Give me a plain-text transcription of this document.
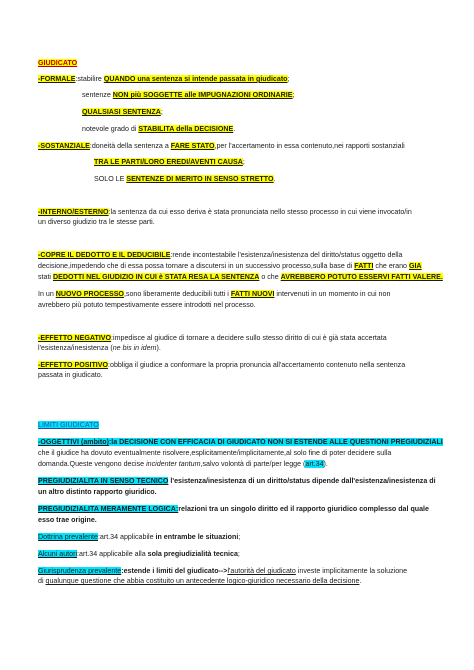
GIUDICATO
-FORMALE:stabilire QUANDO una sentenza si intende passata in giudicato;
sentenze NON più SOGGETTE alle IMPUGNAZIONI ORDINARIE;
QUALSIASI SENTENZA;
notevole grado di STABILITA della DECISIONE.
-SOSTANZIALE:doneità della sentenza a FARE STATO,per l'accertamento in essa contenuto,nei rapporti sostanziali
TRA LE PARTI/LORO EREDI/AVENTI CAUSA;
SOLO LE SENTENZE DI MERITO IN SENSO STRETTO.
-INTERNO/ESTERNO:la sentenza da cui esso deriva è stata pronunciata nello stesso processo in cui viene invocato/in
un diverso giudizio tra le stesse parti.
-COPRE IL DEDOTTO E IL DEDUCIBILE:rende incontestabile l'esistenza/inesistenza del diritto/status oggetto della
decisione,impedendo che di essa possa tornare a discutersi in un successivo processo,sulla base di FATTI che erano GIA
stati DEDOTTI NEL GIUDIZIO IN CUI è STATA RESA LA SENTENZA o che AVREBBERO POTUTO ESSERVI FATTI VALERE.
In un NUOVO PROCESSO,sono liberamente deducibili tutti i FATTI NUOVI intervenuti in un momento in cui non
avrebbero più potuto tempestivamente essere introdotti nel processo.
-EFFETTO NEGATIVO:impedisce al giudice di tornare a decidere sullo stesso diritto di cui è già stata accertata
l'esistenza/inesistenza (ne bis in idem).
-EFFETTO POSITIVO:obbliga il giudice a conformare la propria pronuncia all'accertamento contenuto nella sentenza
passata in giudicato.
LIMITI GIUDICATO
-OGGETTIVI (ambito):la DECISIONE CON EFFICACIA DI GIUDICATO NON SI ESTENDE ALLE QUESTIONI PREGIUDIZIALI
che il giudice ha dovuto eventualmente risolvere,esplicitamente/implicitamente,al solo fine di poter decidere sulla
domanda.Queste vengono decise incidenter tantum,salvo volontà di parte/per legge (art.34).
PREGIUDIZIALITA IN SENSO TECNICO l'esistenza/inesistenza di un diritto/status dipende dall'esistenza/inesistenza di
un altro distinto rapporto giuridico.
PREGIUDIZIALITA MERAMENTE LOGICA:relazioni tra un singolo diritto ed il rapporto giuridico complesso dal quale
esso trae origine.
Dottrina prevalente:art.34 applicabile in entrambe le situazioni;
Alcuni autori:art.34 applicabile alla sola pregiudizialità tecnica;
Giurisprudenza prevalente:estende i limiti del giudicato-->l'autorità del giudicato investe implicitamente la soluzione
di qualunque questione che abbia costituito un antecedente logico-giuridico necessario della decisione.
